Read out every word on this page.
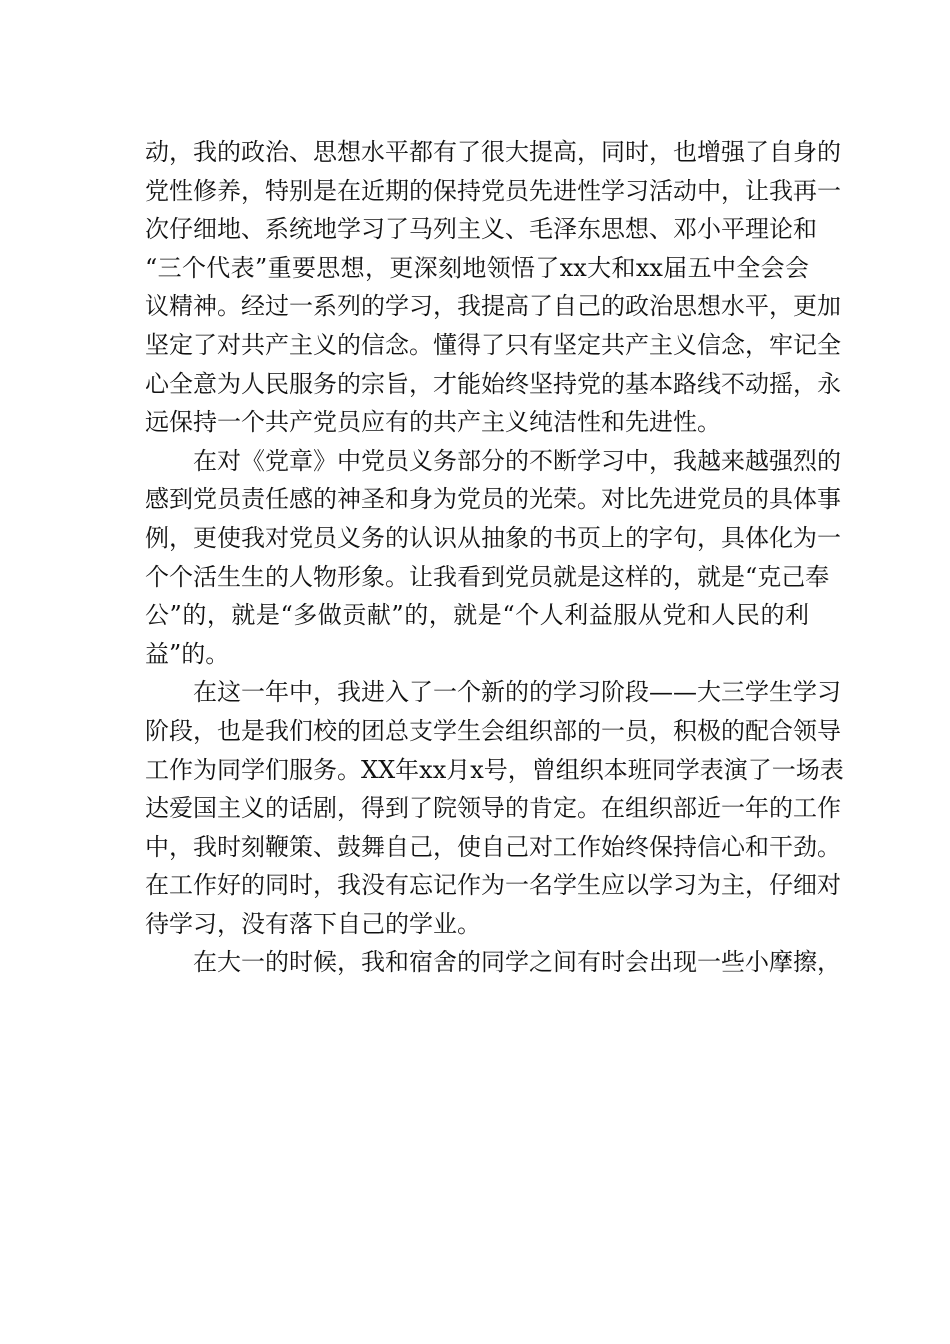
动，我的政治、思想水平都有了很大提高，同时，也增强了自身的
党性修养，特别是在近期的保持党员先进性学习活动中，让我再一
次仔细地、系统地学习了马列主义、毛泽东思想、邓小平理论和
“三个代表”重要思想，更深刻地领悟了xx大和xx届五中全会会
议精神。经过一系列的学习，我提高了自己的政治思想水平，更加
坚定了对共产主义的信念。懂得了只有坚定共产主义信念，牢记全
心全意为人民服务的宗旨，才能始终坚持党的基本路线不动摇，永
远保持一个共产党员应有的共产主义纯洁性和先进性。
在对《党章》中党员义务部分的不断学习中，我越来越强烈的
感到党员责任感的神圣和身为党员的光荣。对比先进党员的具体事
例，更使我对党员义务的认识从抽象的书页上的字句，具体化为一
个个活生生的人物形象。让我看到党员就是这样的，就是“克己奉
公”的，就是“多做贡献”的，就是“个人利益服从党和人民的利
益”的。
在这一年中，我进入了一个新的的学习阶段——大三学生学习
阶段，也是我们校的团总支学生会组织部的一员，积极的配合领导
工作为同学们服务。XX年xx月x号，曾组织本班同学表演了一场表
达爱国主义的话剧，得到了院领导的肯定。在组织部近一年的工作
中，我时刻鞭策、鼓舞自己，使自己对工作始终保持信心和干劲。
在工作好的同时，我没有忘记作为一名学生应以学习为主，仔细对
待学习，没有落下自己的学业。
在大一的时候，我和宿舍的同学之间有时会出现一些小摩擦，
